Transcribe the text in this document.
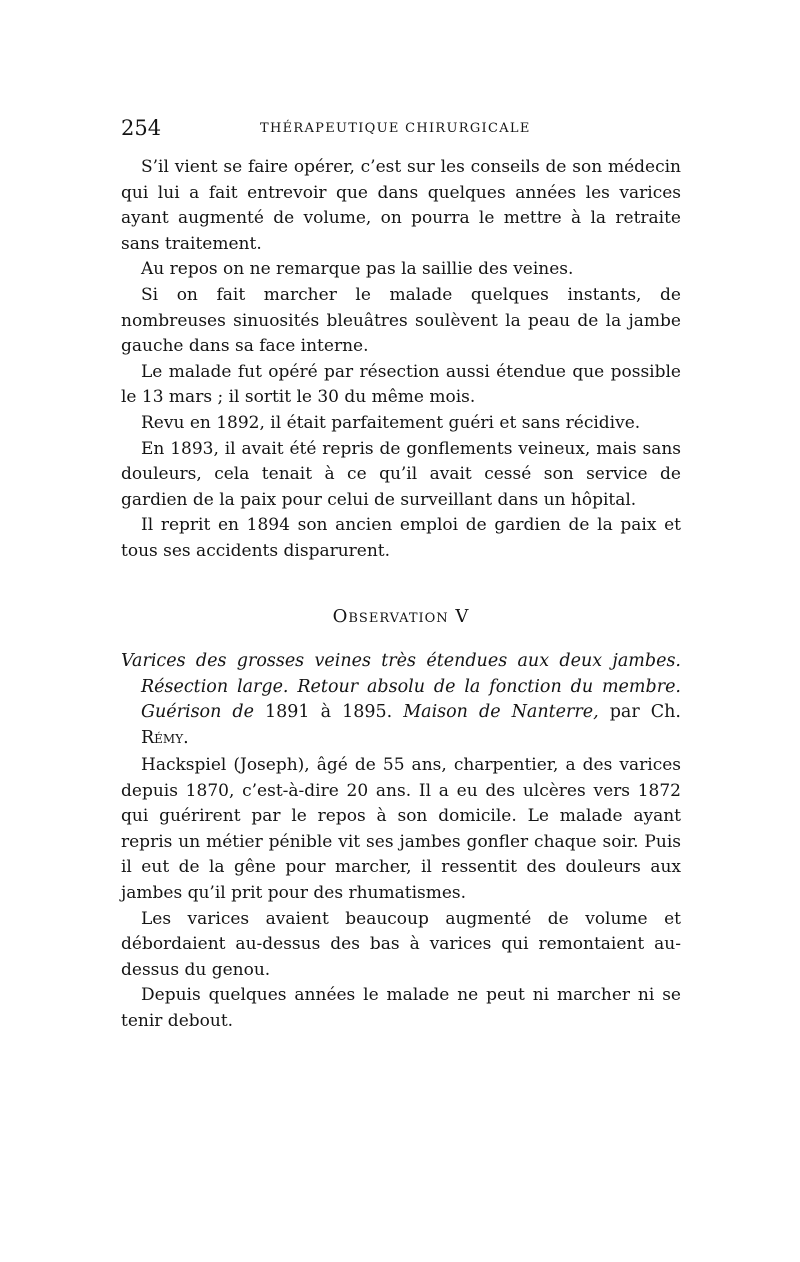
254	THÉRAPEUTIQUE CHIRURGICALE

S’il vient se faire opérer, c’est sur les conseils de son médecin qui lui a fait entrevoir que dans quelques années les varices ayant augmenté de volume, on pourra le mettre à la retraite sans traitement.

Au repos on ne remarque pas la saillie des veines.

Si on fait marcher le malade quelques instants, de nombreuses sinuosités bleuâtres soulèvent la peau de la jambe gauche dans sa face interne.

Le malade fut opéré par résection aussi étendue que possible le 13 mars ; il sortit le 30 du même mois.

Revu en 1892, il était parfaitement guéri et sans récidive.

En 1893, il avait été repris de gonflements veineux, mais sans douleurs, cela tenait à ce qu’il avait cessé son service de gardien de la paix pour celui de surveillant dans un hôpital.

Il reprit en 1894 son ancien emploi de gardien de la paix et tous ses accidents disparurent.

Observation V
Varices des grosses veines très étendues aux deux jambes. Résection large. Retour absolu de la fonction du membre. Guérison de 1891 à 1895. Maison de Nanterre, par Ch. Rémy.

Hackspiel (Joseph), âgé de 55 ans, charpentier, a des varices depuis 1870, c’est-à-dire 20 ans. Il a eu des ulcères vers 1872 qui guérirent par le repos à son domicile. Le malade ayant repris un métier pénible vit ses jambes gonfler chaque soir. Puis il eut de la gêne pour marcher, il ressentit des douleurs aux jambes qu’il prit pour des rhumatismes.

Les varices avaient beaucoup augmenté de volume et débordaient au-dessus des bas à varices qui remontaient au-dessus du genou.

Depuis quelques années le malade ne peut ni marcher ni se tenir debout.
